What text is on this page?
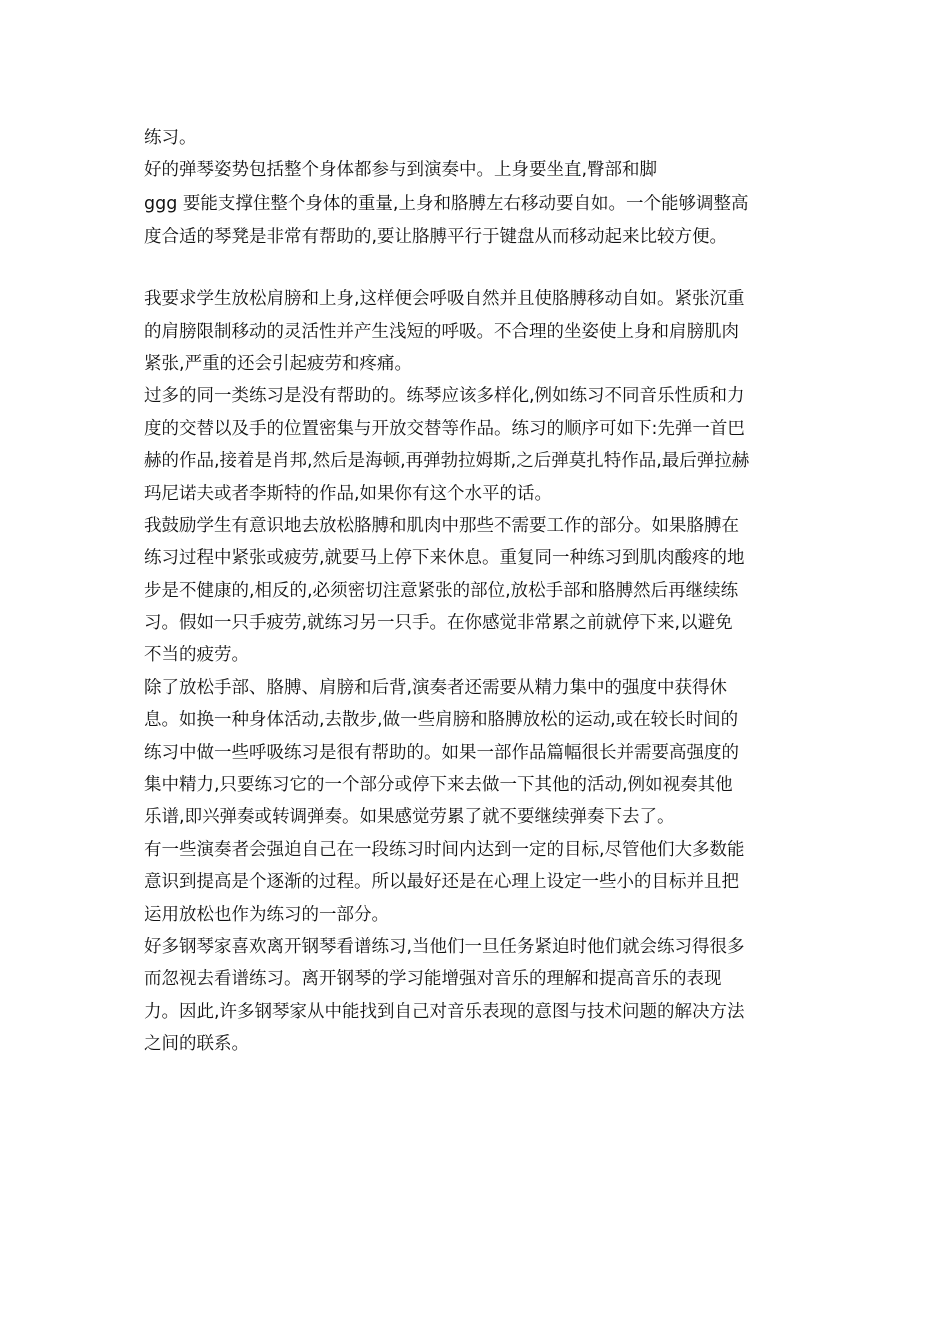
练习。
好的弹琴姿势包括整个身体都参与到演奏中。上身要坐直,臀部和脚
ggg 要能支撑住整个身体的重量,上身和胳膊左右移动要自如。一个能够调整高
度合适的琴凳是非常有帮助的,要让胳膊平行于键盘从而移动起来比较方便。
我要求学生放松肩膀和上身,这样便会呼吸自然并且使胳膊移动自如。紧张沉重
的肩膀限制移动的灵活性并产生浅短的呼吸。不合理的坐姿使上身和肩膀肌肉
紧张,严重的还会引起疲劳和疼痛。
过多的同一类练习是没有帮助的。练琴应该多样化,例如练习不同音乐性质和力
度的交替以及手的位置密集与开放交替等作品。练习的顺序可如下:先弹一首巴
赫的作品,接着是肖邦,然后是海顿,再弹勃拉姆斯,之后弹莫扎特作品,最后弹拉赫
玛尼诺夫或者李斯特的作品,如果你有这个水平的话。
我鼓励学生有意识地去放松胳膊和肌肉中那些不需要工作的部分。如果胳膊在
练习过程中紧张或疲劳,就要马上停下来休息。重复同一种练习到肌肉酸疼的地
步是不健康的,相反的,必须密切注意紧张的部位,放松手部和胳膊然后再继续练
习。假如一只手疲劳,就练习另一只手。在你感觉非常累之前就停下来,以避免
不当的疲劳。
除了放松手部、胳膊、肩膀和后背,演奏者还需要从精力集中的强度中获得休
息。如换一种身体活动,去散步,做一些肩膀和胳膊放松的运动,或在较长时间的
练习中做一些呼吸练习是很有帮助的。如果一部作品篇幅很长并需要高强度的
集中精力,只要练习它的一个部分或停下来去做一下其他的活动,例如视奏其他
乐谱,即兴弹奏或转调弹奏。如果感觉劳累了就不要继续弹奏下去了。
有一些演奏者会强迫自己在一段练习时间内达到一定的目标,尽管他们大多数能
意识到提高是个逐渐的过程。所以最好还是在心理上设定一些小的目标并且把
运用放松也作为练习的一部分。
好多钢琴家喜欢离开钢琴看谱练习,当他们一旦任务紧迫时他们就会练习得很多
而忽视去看谱练习。离开钢琴的学习能增强对音乐的理解和提高音乐的表现
力。因此,许多钢琴家从中能找到自己对音乐表现的意图与技术问题的解决方法
之间的联系。
